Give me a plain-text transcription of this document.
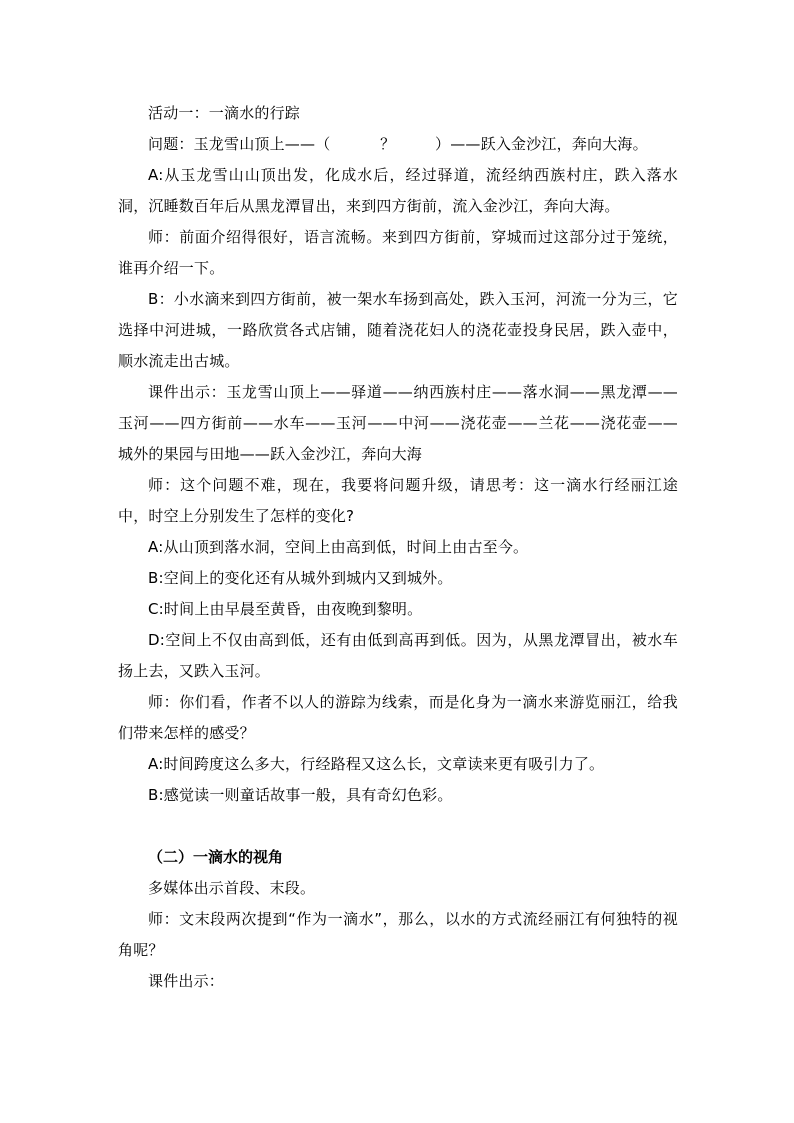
活动一：一滴水的行踪

问题：玉龙雪山顶上——（          ？        ）——跃入金沙江，奔向大海。

A:从玉龙雪山山顶出发，化成水后，经过驿道，流经纳西族村庄，跌入落水洞，沉睡数百年后从黑龙潭冒出，来到四方街前，流入金沙江，奔向大海。

师：前面介绍得很好，语言流畅。来到四方街前，穿城而过这部分过于笼统，谁再介绍一下。

B：小水滴来到四方街前，被一架水车扬到高处，跌入玉河，河流一分为三，它选择中河进城，一路欣赏各式店铺，随着浇花妇人的浇花壶投身民居，跌入壶中，顺水流走出古城。

课件出示：玉龙雪山顶上——驿道——纳西族村庄——落水洞——黑龙潭——玉河——四方街前——水车——玉河——中河——浇花壶——兰花——浇花壶——城外的果园与田地——跃入金沙江，奔向大海

师：这个问题不难，现在，我要将问题升级，请思考：这一滴水行经丽江途中，时空上分别发生了怎样的变化?

A:从山顶到落水洞，空间上由高到低，时间上由古至今。

B:空间上的变化还有从城外到城内又到城外。

C:时间上由早晨至黄昏，由夜晚到黎明。

D:空间上不仅由高到低，还有由低到高再到低。因为，从黑龙潭冒出，被水车扬上去，又跌入玉河。

师：你们看，作者不以人的游踪为线索，而是化身为一滴水来游览丽江，给我们带来怎样的感受？

A:时间跨度这么多大，行经路程又这么长，文章读来更有吸引力了。

B:感觉读一则童话故事一般，具有奇幻色彩。

（二）一滴水的视角

多媒体出示首段、末段。

师：文末段两次提到“作为一滴水”，那么，以水的方式流经丽江有何独特的视角呢？

课件出示：
